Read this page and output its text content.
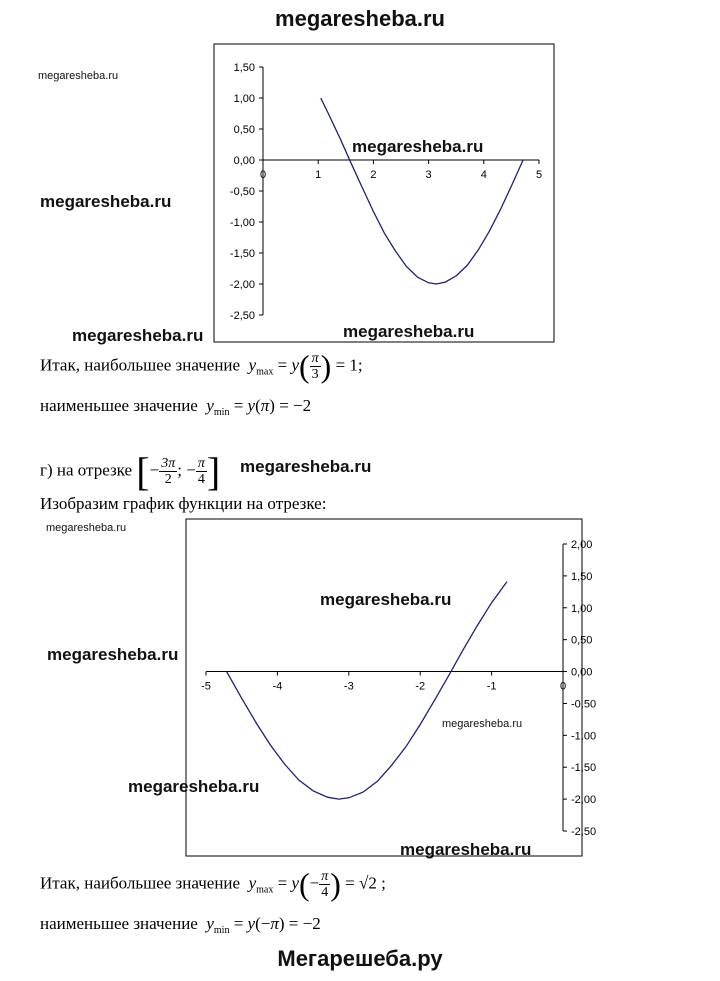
megaresheba.ru
megaresheba.ru
megaresheba.ru
megaresheba.ru
megaresheba.ru	megaresheba.ru
megaresheba.ru
megaresheba.ru
megaresheba.ru
megaresheba.ru
megaresheba.ru
megaresheba.ru
megaresheba.ru
1,50
1,00
0,50
0,00
-0,50
-1,00
-1,50
-2,00
-2,50
0	1	2	3	4	5
Итак, наибольшее значение $y_{max} = y( \frac{\pi}{3}$ ) = 1;
наименьшее значение $y_{min} = y(\pi) = -2$
г) на отрезке [− $\frac{3\pi}{2}$ ; − $\frac{\pi}{4}$ ]
Изобразим график функции на отрезке:
2,00
1,50
1,00
0,50
0,00
-0,50
-1,00
-1,50
-2,00
-2,50
-5	-4	-3	-2	-1	0
Итак, наибольшее значение $y_{max} = y(- \frac{\pi}{4}$ ) = √2 ;
наименьшее значение $y_{min} = y(-\pi) = -2$
Мегарешеба.ру
